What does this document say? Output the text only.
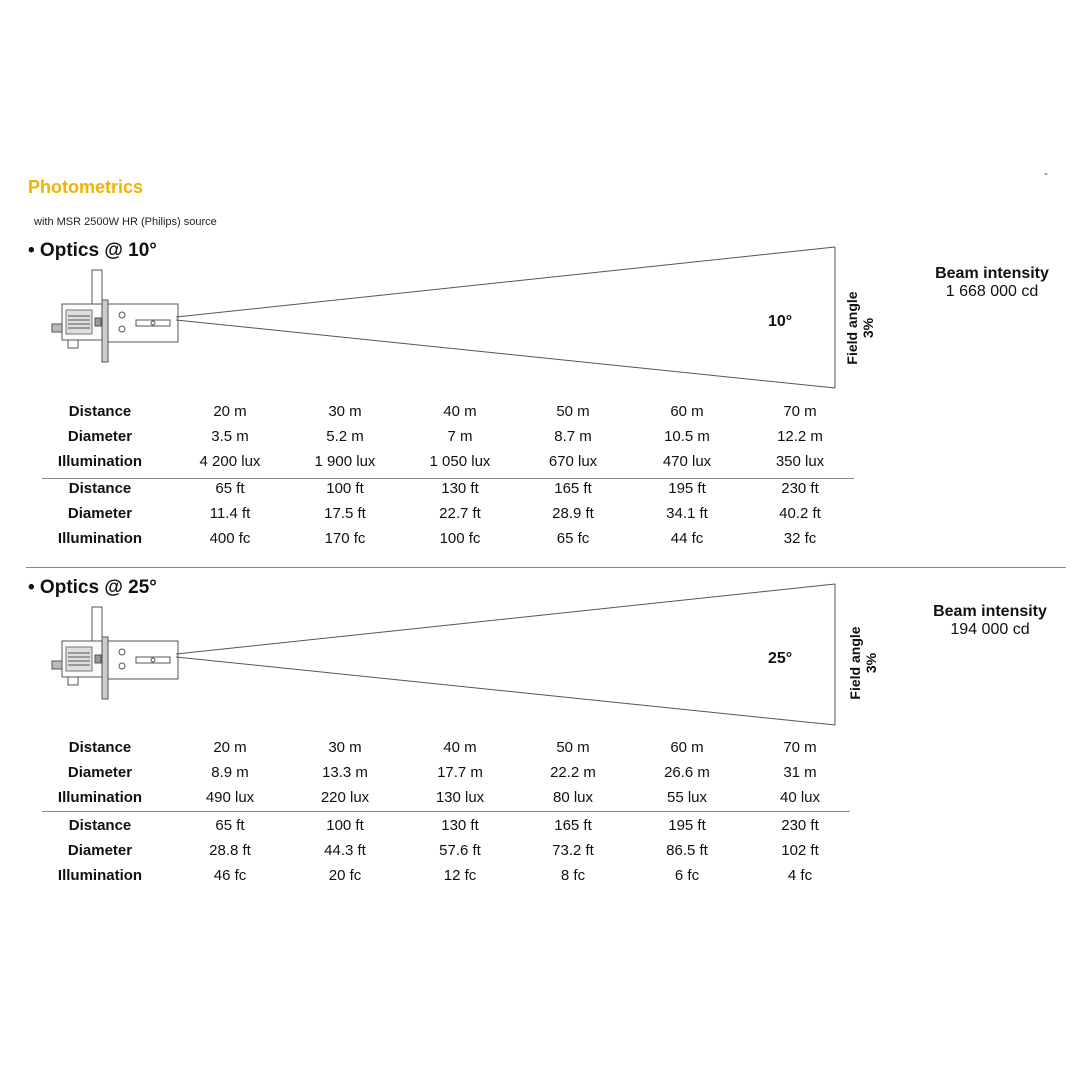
Photometrics
with MSR 2500W HR (Philips) source
-
• Optics @ 10°
10°	Field angle 3%
Beam intensity
1 668 000 cd
Distance	20 m	30 m	40 m	50 m	60 m	70 m
Diameter	3.5 m	5.2 m	7 m	8.7 m	10.5 m	12.2 m
Illumination	4 200 lux	1 900 lux	1 050 lux	670 lux	470 lux	350 lux
Distance	65 ft	100 ft	130 ft	165 ft	195 ft	230 ft
Diameter	11.4 ft	17.5 ft	22.7 ft	28.9 ft	34.1 ft	40.2 ft
Illumination	400 fc	170 fc	100 fc	65 fc	44 fc	32 fc
• Optics @ 25°
25°	Field angle 3%
Beam intensity
194 000 cd
Distance	20 m	30 m	40 m	50 m	60 m	70 m
Diameter	8.9 m	13.3 m	17.7 m	22.2 m	26.6 m	31 m
Illumination	490 lux	220 lux	130 lux	80 lux	55 lux	40 lux
Distance	65 ft	100 ft	130 ft	165 ft	195 ft	230 ft
Diameter	28.8 ft	44.3 ft	57.6 ft	73.2 ft	86.5 ft	102 ft
Illumination	46 fc	20 fc	12 fc	8 fc	6 fc	4 fc
